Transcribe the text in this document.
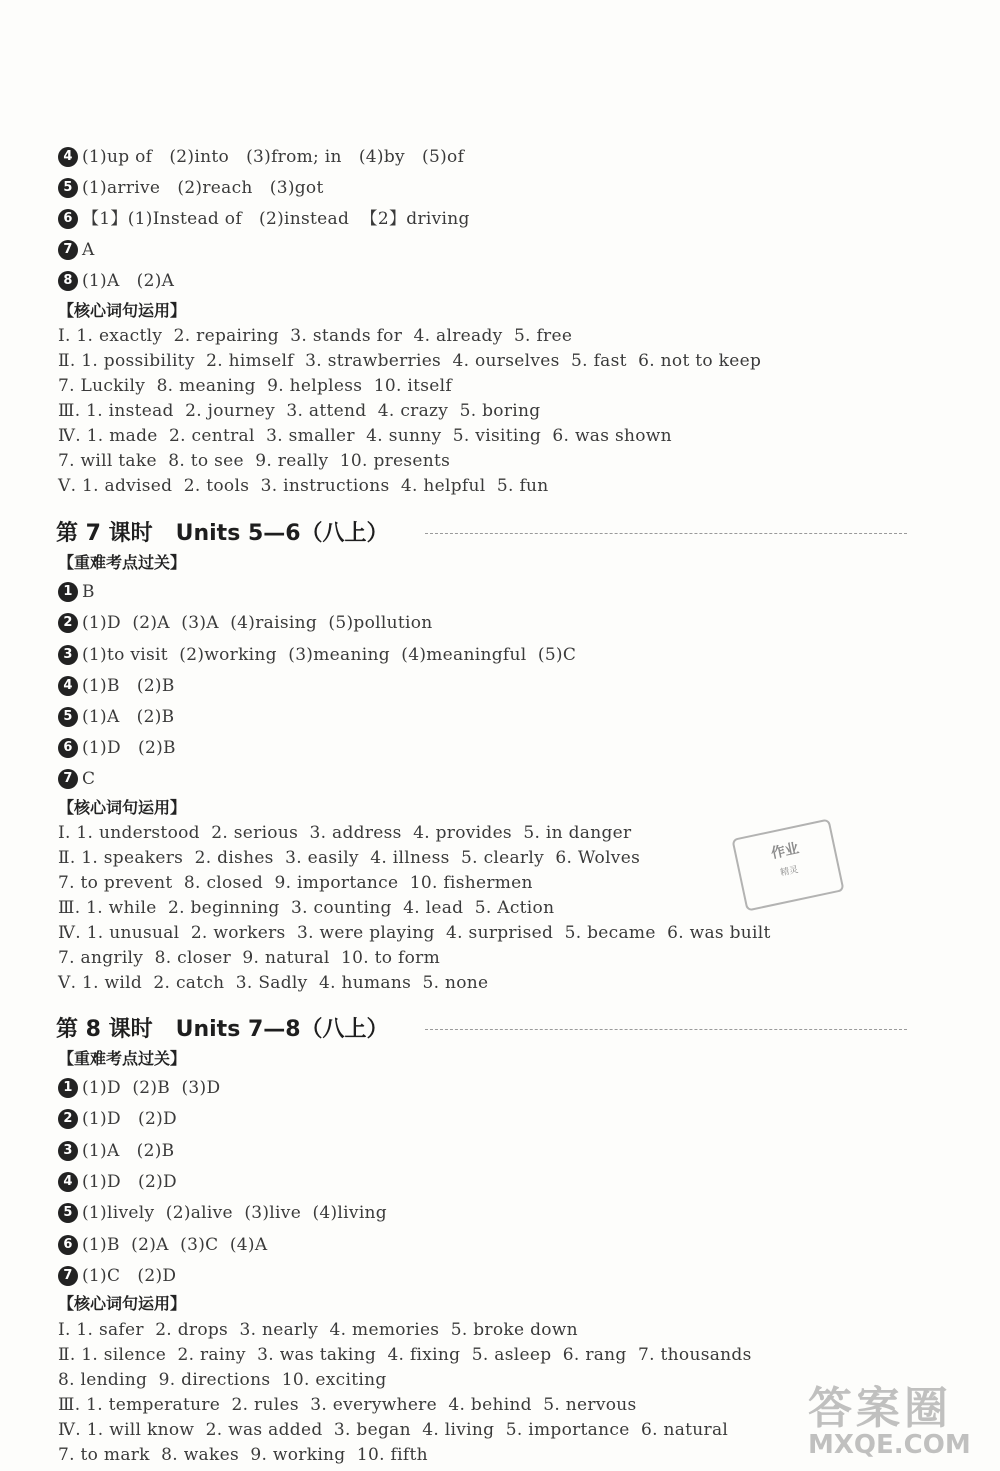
4 (1)up of   (2)into   (3)from; in   (4)by   (5)of
5 (1)arrive   (2)reach   (3)got
6 【1】(1)Instead of   (2)instead  【2】driving
7 A
8 (1)A   (2)A
【核心词句运用】
Ⅰ. 1. exactly  2. repairing  3. stands for  4. already  5. free
Ⅱ. 1. possibility  2. himself  3. strawberries  4. ourselves  5. fast  6. not to keep
7. Luckily  8. meaning  9. helpless  10. itself
Ⅲ. 1. instead  2. journey  3. attend  4. crazy  5. boring
Ⅳ. 1. made  2. central  3. smaller  4. sunny  5. visiting  6. was shown
7. will take  8. to see  9. really  10. presents
Ⅴ. 1. advised  2. tools  3. instructions  4. helpful  5. fun
第 7 课时   Units 5—6（八上）
【重难考点过关】
1 B
2 (1)D  (2)A  (3)A  (4)raising  (5)pollution
3 (1)to visit  (2)working  (3)meaning  (4)meaningful  (5)C
4 (1)B   (2)B
5 (1)A   (2)B
6 (1)D   (2)B
7 C
【核心词句运用】
Ⅰ. 1. understood  2. serious  3. address  4. provides  5. in danger
Ⅱ. 1. speakers  2. dishes  3. easily  4. illness  5. clearly  6. Wolves
7. to prevent  8. closed  9. importance  10. fishermen
Ⅲ. 1. while  2. beginning  3. counting  4. lead  5. Action
Ⅳ. 1. unusual  2. workers  3. were playing  4. surprised  5. became  6. was built
7. angrily  8. closer  9. natural  10. to form
Ⅴ. 1. wild  2. catch  3. Sadly  4. humans  5. none
第 8 课时   Units 7—8（八上）
【重难考点过关】
1 (1)D  (2)B  (3)D
2 (1)D   (2)D
3 (1)A   (2)B
4 (1)D   (2)D
5 (1)lively  (2)alive  (3)live  (4)living
6 (1)B  (2)A  (3)C  (4)A
7 (1)C   (2)D
【核心词句运用】
Ⅰ. 1. safer  2. drops  3. nearly  4. memories  5. broke down
Ⅱ. 1. silence  2. rainy  3. was taking  4. fixing  5. asleep  6. rang  7. thousands
8. lending  9. directions  10. exciting
Ⅲ. 1. temperature  2. rules  3. everywhere  4. behind  5. nervous
Ⅳ. 1. will know  2. was added  3. began  4. living  5. importance  6. natural
7. to mark  8. wakes  9. working  10. fifth
作业
精灵
答案圈
MXQE.COM
